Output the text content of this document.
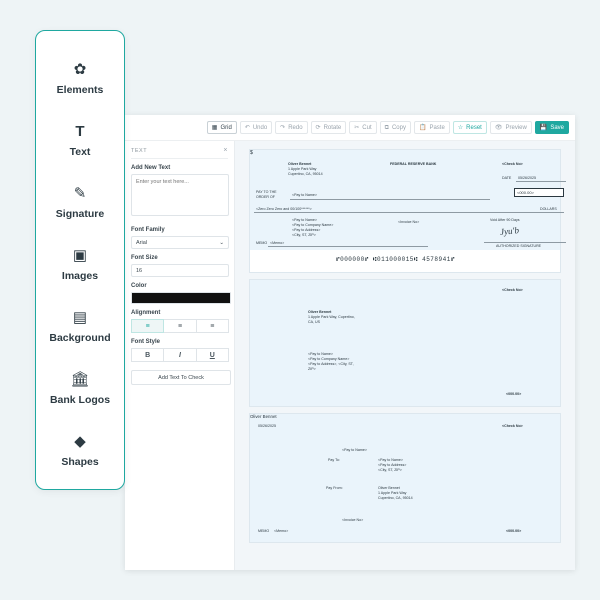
▦ Grid ↶ Undo ↷ Redo ⟳ Rotate ✂ Cut ⧉ Copy 📋 Paste ☆ Reset 👁 Preview 💾 Save
TEXT	×
Add New Text
Enter your text here...
Font Family
Arial	⌄
Font Size
16
Color
Alignment
≡	≡	≡
Font Style
B	I	U
Add Text To Check
Oliver Bennet
1 Apple Park Way
Cupertino, CA, 95014
FEDERAL RESERVE BANK	<Check No>
DATE 05/26/2025
PAY TO THE
ORDER OF	<Pay to Name>
$
<000.00>
<Zero Zero Zero and 00/100******>	DOLLARS
<Pay to Name>
<Pay to Company Name>
<Pay to Address>
<City, ST, ZIP>
<Invoice No>	Void After 90 Days
Jyu'b
AUTHORIZED SIGNATURE
MEMO <Memo>
⑈000000⑈ ⑆011000015⑆ 4578941⑈
<Check No>
Oliver Bennet
1 Apple Park Way, Cupertino,
CA, US
<Pay to Name>
<Pay to Company Name>
<Pay to Address>, <City, ST,
ZIP>
<000.00>
05/26/2025	<Check No>
<Pay to Name>
Pay To:	<Pay to Name>
<Pay to Address>
<City, ST, ZIP>
Pay From:	Oliver Bennet
1 Apple Park Way
Cupertino, CA, 95014
<Invoice No>
MEMO <Memo>
Oliver Bennet
<000.00>
✿
Elements
T
Text
✎
Signature
▣
Images
▤
Background
🏛
Bank Logos
◆
Shapes
